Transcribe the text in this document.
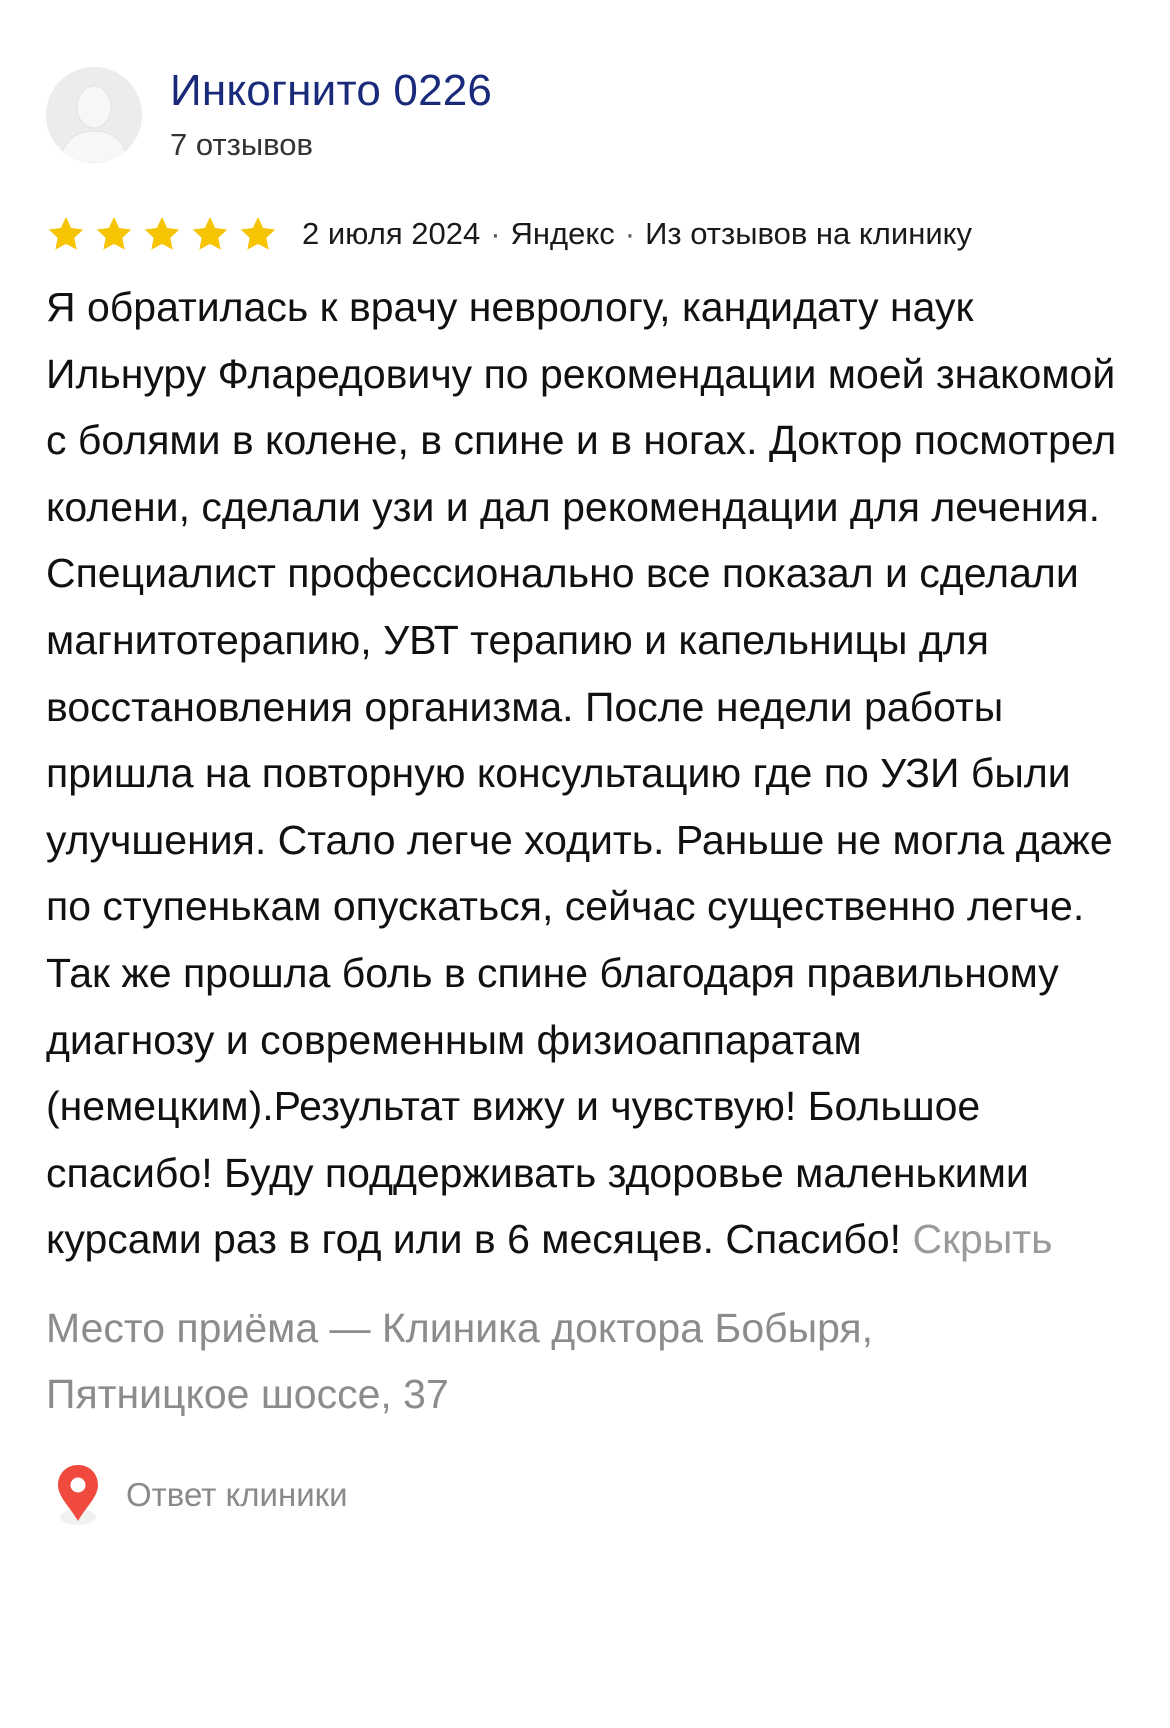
Инкогнито 0226
7 отзывов
2 июля 2024 · Яндекс · Из отзывов на клинику
Я обратилась к врачу неврологу, кандидату наук Ильнуру Фларедовичу по рекомендации моей знакомой с болями в колене, в спине и в ногах. Доктор посмотрел колени, сделали узи и дал рекомендации для лечения. Специалист профессионально все показал и сделали магнитотерапию, УВТ терапию и капельницы для восстановления организма. После недели работы пришла на повторную консультацию где по УЗИ были улучшения. Стало легче ходить. Раньше не могла даже по ступенькам опускаться, сейчас существенно легче. Так же прошла боль в спине благодаря правильному диагнозу и современным физиоаппаратам (немецким).Результат вижу и чувствую! Большое спасибо! Буду поддерживать здоровье маленькими курсами раз в год или в 6 месяцев. Спасибо! Скрыть
Место приёма — Клиника доктора Бобыря, Пятницкое шоссе, 37
Ответ клиники
